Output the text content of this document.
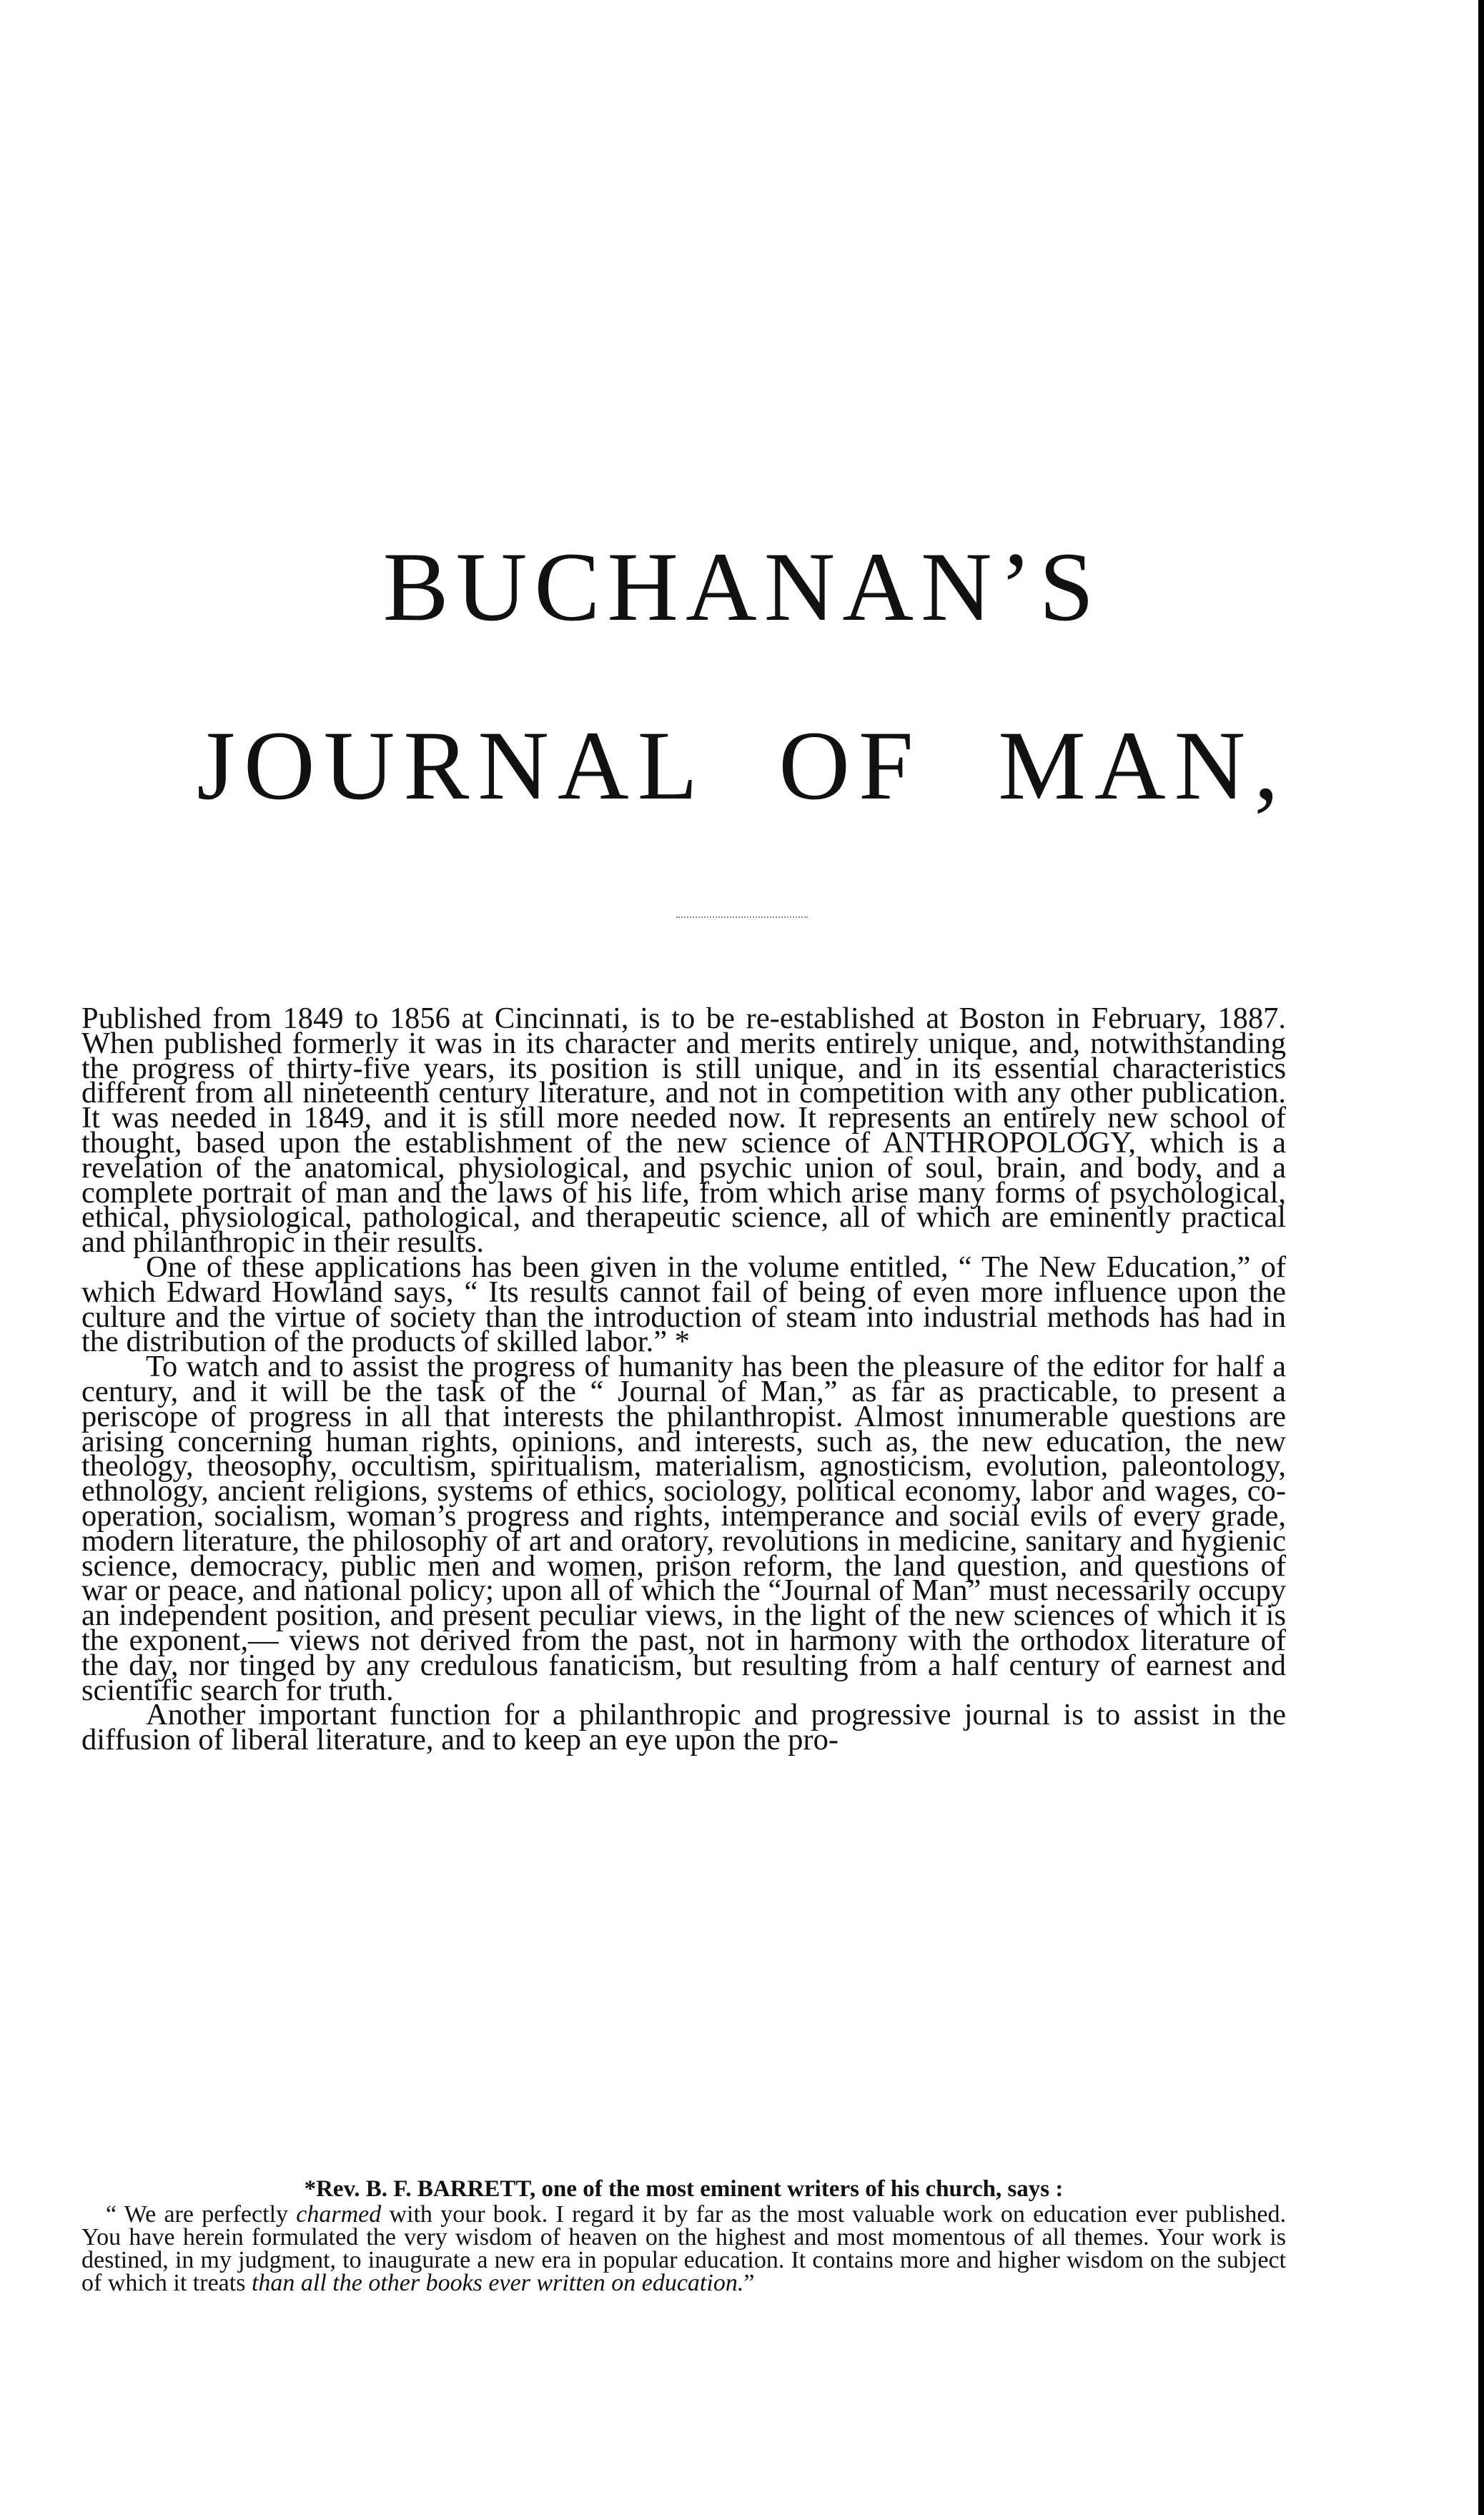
BUCHANAN’S
JOURNAL OF MAN,

Published from 1849 to 1856 at Cincinnati, is to be re-established at Boston in February, 1887. When published formerly it was in its character and merits entirely unique, and, notwithstanding the progress of thirty-five years, its position is still unique, and in its essential characteristics different from all nineteenth century literature, and not in competition with any other publication. It was needed in 1849, and it is still more needed now. It represents an entirely new school of thought, based upon the establishment of the new science of ANTHROPOLOGY, which is a revelation of the anatomical, physiological, and psychic union of soul, brain, and body, and a complete portrait of man and the laws of his life, from which arise many forms of psychological, ethical, physiological, pathological, and therapeutic science, all of which are eminently practical and philanthropic in their results.

One of these applications has been given in the volume entitled, “ The New Education,” of which Edward Howland says, “ Its results cannot fail of being of even more influence upon the culture and the virtue of society than the introduction of steam into industrial methods has had in the distribution of the products of skilled labor.” *

To watch and to assist the progress of humanity has been the pleasure of the editor for half a century, and it will be the task of the “ Journal of Man,” as far as practicable, to present a periscope of progress in all that interests the philanthropist. Almost innumerable questions are arising concerning human rights, opinions, and interests, such as, the new education, the new theology, theosophy, occultism, spiritualism, materialism, agnosticism, evolution, paleontology, ethnology, ancient religions, systems of ethics, sociology, political economy, labor and wages, co-operation, socialism, woman’s progress and rights, intemperance and social evils of every grade, modern literature, the philosophy of art and oratory, revolutions in medicine, sanitary and hygienic science, democracy, public men and women, prison reform, the land question, and questions of war or peace, and national policy; upon all of which the “Journal of Man” must necessarily occupy an independent position, and present peculiar views, in the light of the new sciences of which it is the exponent,— views not derived from the past, not in harmony with the orthodox literature of the day, nor tinged by any credulous fanaticism, but resulting from a half century of earnest and scientific search for truth.

Another important function for a philanthropic and progressive journal is to assist in the diffusion of liberal literature, and to keep an eye upon the pro-

*Rev. B. F. BARRETT, one of the most eminent writers of his church, says :

“ We are perfectly charmed with your book. I regard it by far as the most valuable work on education ever published. You have herein formulated the very wisdom of heaven on the highest and most momentous of all themes. Your work is destined, in my judgment, to inaugurate a new era in popular education. It contains more and higher wisdom on the subject of which it treats than all the other books ever written on education.”
